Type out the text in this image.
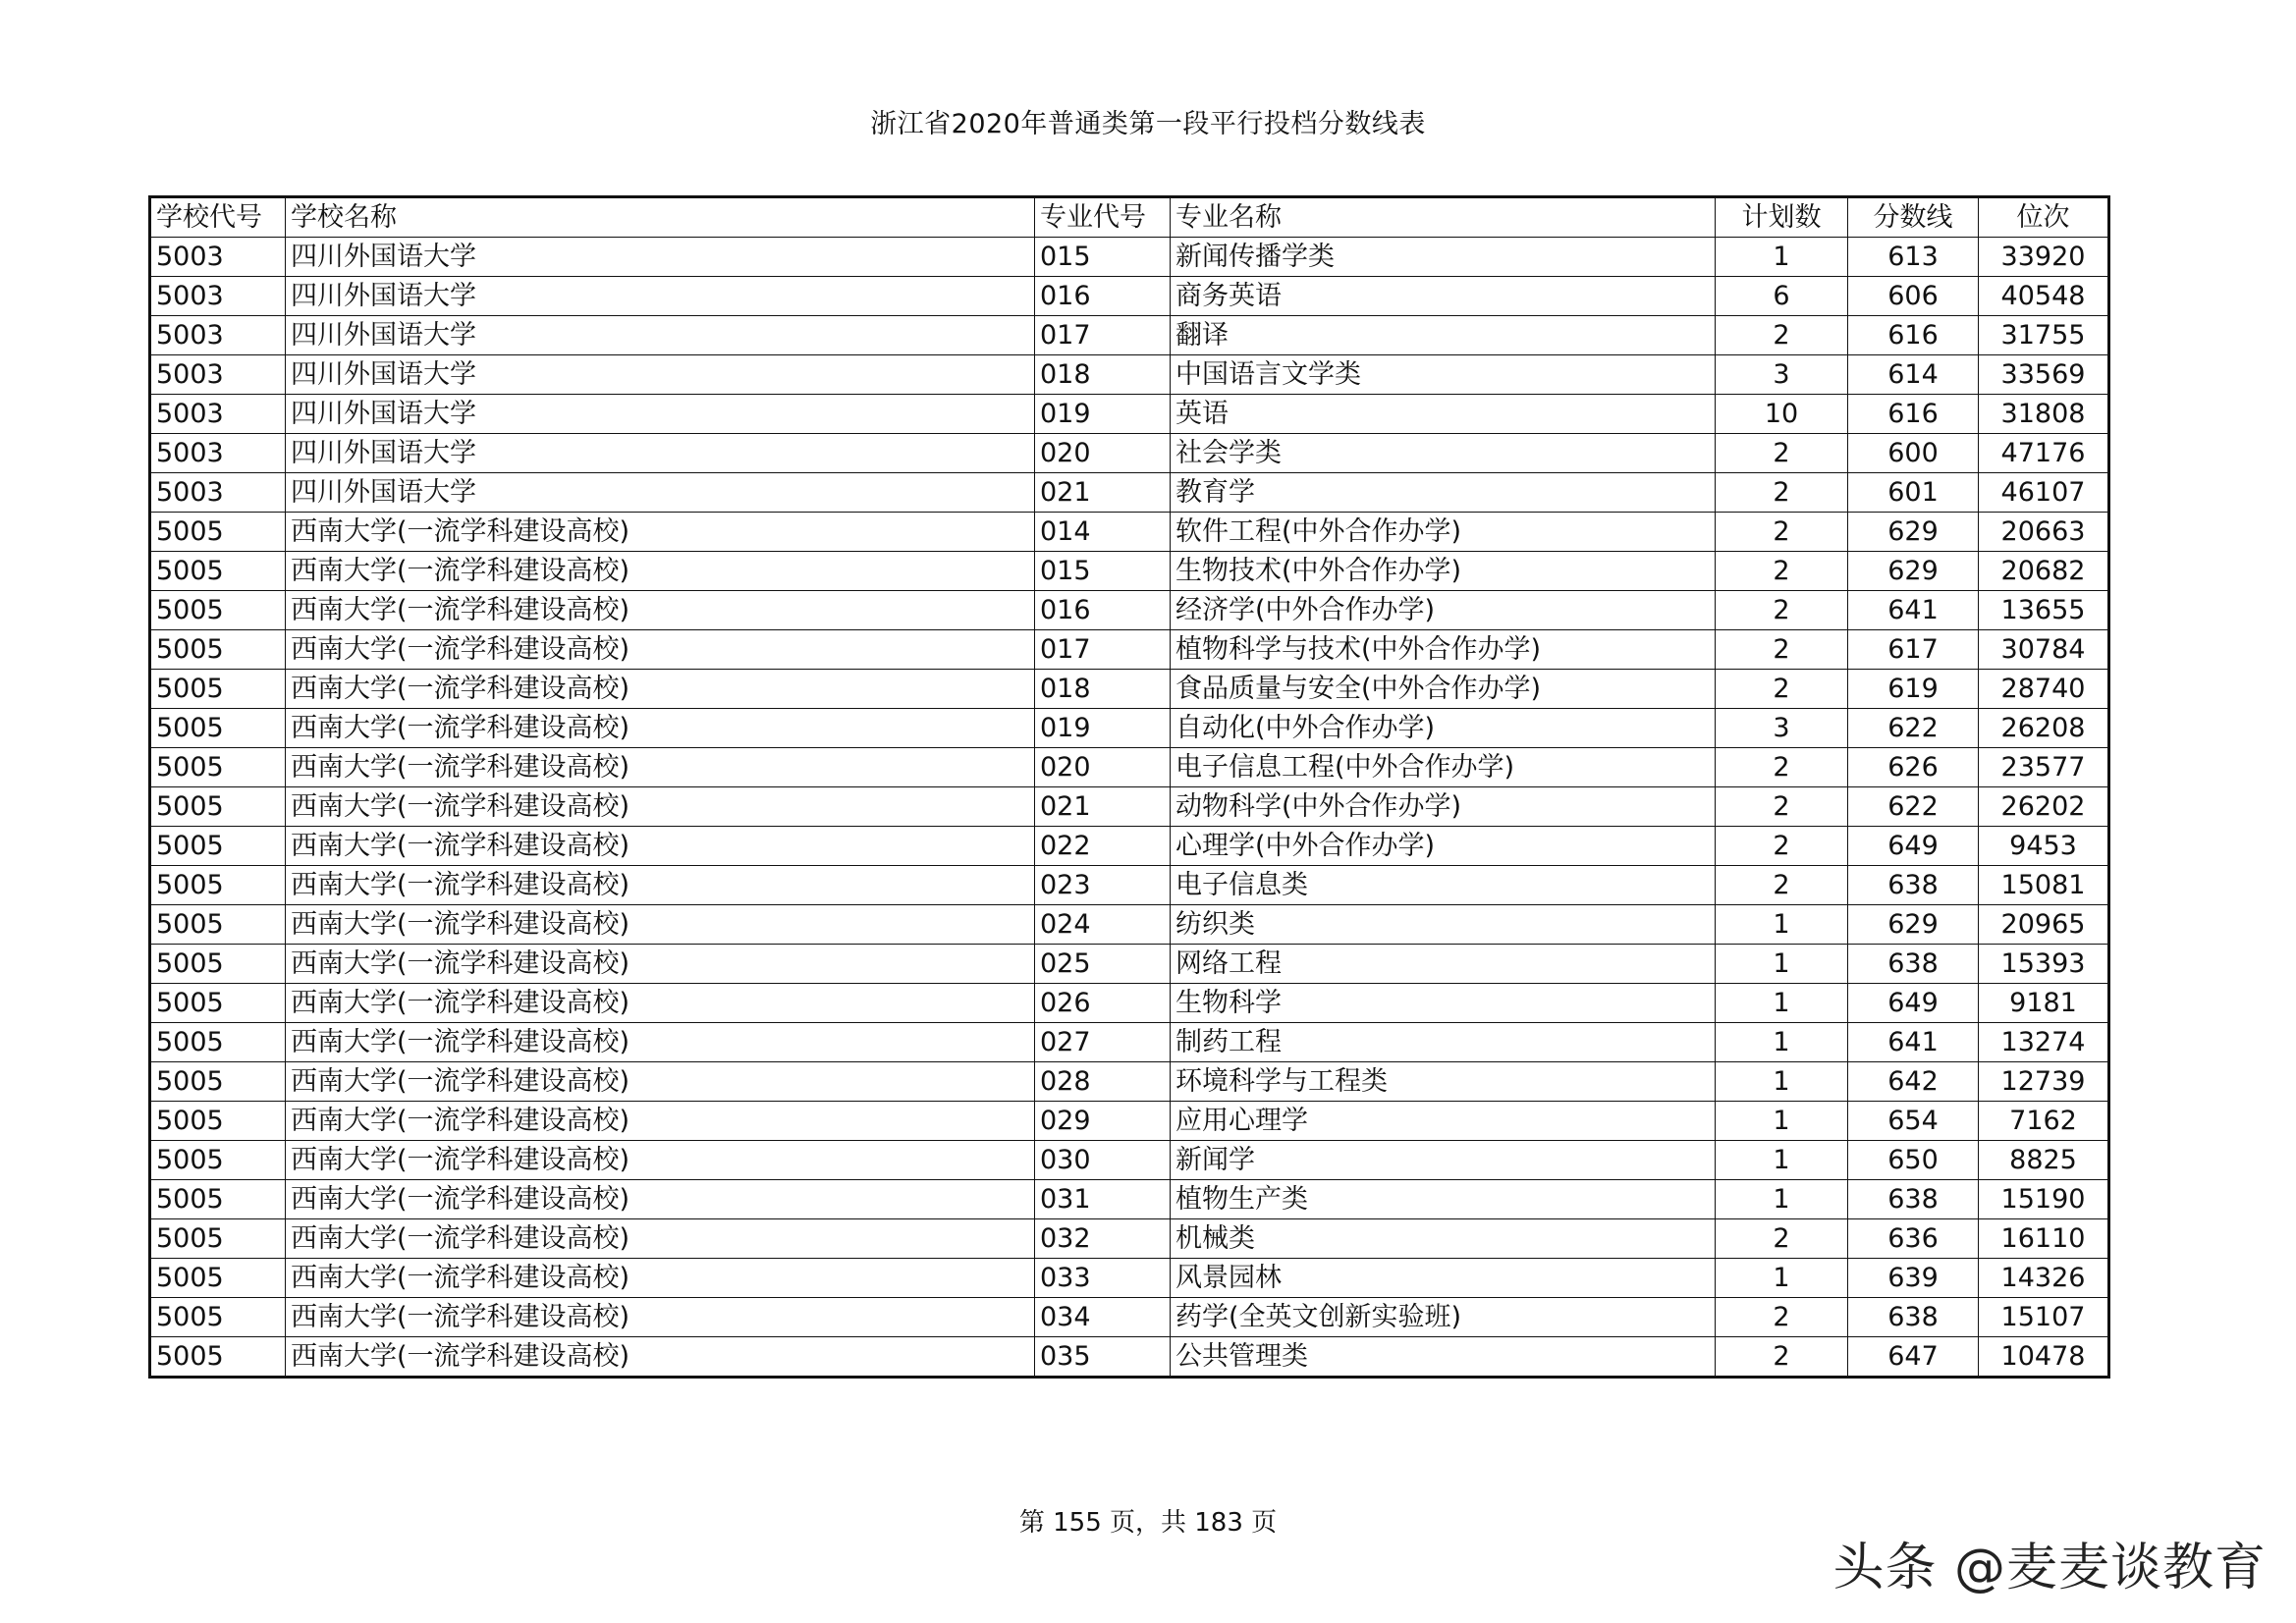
浙江省2020年普通类第一段平行投档分数线表
学校代号	学校名称	专业代号	专业名称	计划数	分数线	位次
5003	四川外国语大学	015	新闻传播学类	1	613	33920
5003	四川外国语大学	016	商务英语	6	606	40548
5003	四川外国语大学	017	翻译	2	616	31755
5003	四川外国语大学	018	中国语言文学类	3	614	33569
5003	四川外国语大学	019	英语	10	616	31808
5003	四川外国语大学	020	社会学类	2	600	47176
5003	四川外国语大学	021	教育学	2	601	46107
5005	西南大学(一流学科建设高校)	014	软件工程(中外合作办学)	2	629	20663
5005	西南大学(一流学科建设高校)	015	生物技术(中外合作办学)	2	629	20682
5005	西南大学(一流学科建设高校)	016	经济学(中外合作办学)	2	641	13655
5005	西南大学(一流学科建设高校)	017	植物科学与技术(中外合作办学)	2	617	30784
5005	西南大学(一流学科建设高校)	018	食品质量与安全(中外合作办学)	2	619	28740
5005	西南大学(一流学科建设高校)	019	自动化(中外合作办学)	3	622	26208
5005	西南大学(一流学科建设高校)	020	电子信息工程(中外合作办学)	2	626	23577
5005	西南大学(一流学科建设高校)	021	动物科学(中外合作办学)	2	622	26202
5005	西南大学(一流学科建设高校)	022	心理学(中外合作办学)	2	649	9453
5005	西南大学(一流学科建设高校)	023	电子信息类	2	638	15081
5005	西南大学(一流学科建设高校)	024	纺织类	1	629	20965
5005	西南大学(一流学科建设高校)	025	网络工程	1	638	15393
5005	西南大学(一流学科建设高校)	026	生物科学	1	649	9181
5005	西南大学(一流学科建设高校)	027	制药工程	1	641	13274
5005	西南大学(一流学科建设高校)	028	环境科学与工程类	1	642	12739
5005	西南大学(一流学科建设高校)	029	应用心理学	1	654	7162
5005	西南大学(一流学科建设高校)	030	新闻学	1	650	8825
5005	西南大学(一流学科建设高校)	031	植物生产类	1	638	15190
5005	西南大学(一流学科建设高校)	032	机械类	2	636	16110
5005	西南大学(一流学科建设高校)	033	风景园林	1	639	14326
5005	西南大学(一流学科建设高校)	034	药学(全英文创新实验班)	2	638	15107
5005	西南大学(一流学科建设高校)	035	公共管理类	2	647	10478
第 155 页，共 183 页
头条 @麦麦谈教育
